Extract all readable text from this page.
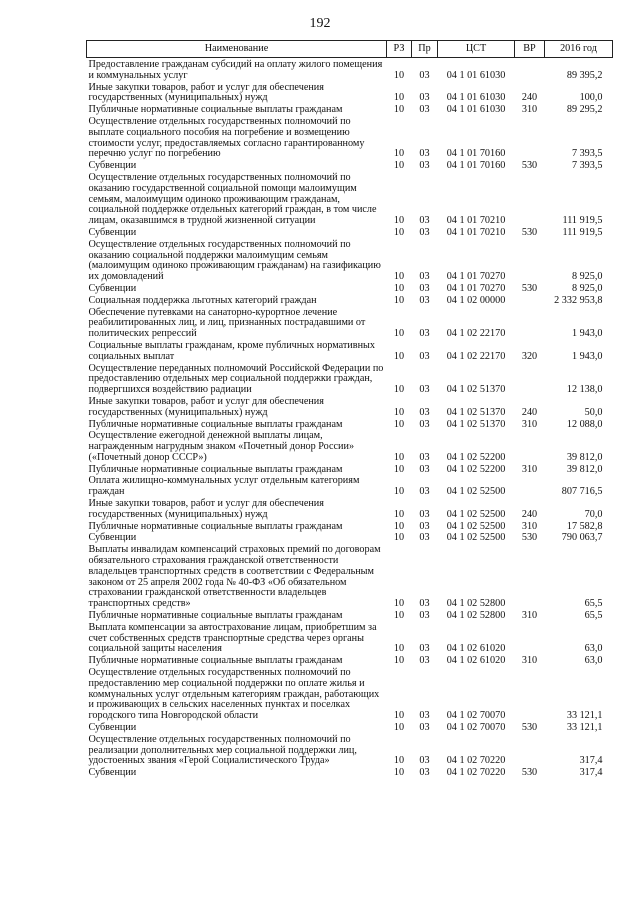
192
Наименование	РЗ	Пр	ЦСТ	ВР	2016 год
Предоставление гражданам субсидий на оплату жилого помещения и коммунальных услуг	10	03	04 1 01 61030		89 395,2
Иные закупки товаров, работ и услуг для обеспечения государственных (муниципальных) нужд	10	03	04 1 01 61030	240	100,0
Публичные нормативные социальные выплаты гражданам	10	03	04 1 01 61030	310	89 295,2
Осуществление отдельных государственных полномочий по выплате социального пособия на погребение и возмещению стоимости услуг, предоставляемых согласно гарантированному перечню услуг по погребению	10	03	04 1 01 70160		7 393,5
Субвенции	10	03	04 1 01 70160	530	7 393,5
Осуществление отдельных государственных полномочий по оказанию государственной социальной помощи малоимущим семьям, малоимущим одиноко проживающим гражданам, социальной поддержке отдельных категорий граждан, в том числе лицам, оказавшимся в трудной жизненной ситуации	10	03	04 1 01 70210		111 919,5
Субвенции	10	03	04 1 01 70210	530	111 919,5
Осуществление отдельных государственных полномочий по оказанию социальной поддержки малоимущим семьям (малоимущим одиноко проживающим гражданам) на газификацию их домовладений	10	03	04 1 01 70270		8 925,0
Субвенции	10	03	04 1 01 70270	530	8 925,0
Социальная поддержка льготных категорий граждан	10	03	04 1 02 00000		2 332 953,8
Обеспечение путевками на санаторно-курортное лечение реабилитированных лиц, и лиц, признанных пострадавшими от политических репрессий	10	03	04 1 02 22170		1 943,0
Социальные выплаты гражданам, кроме публичных нормативных социальных выплат	10	03	04 1 02 22170	320	1 943,0
Осуществление переданных полномочий Российской Федерации по предоставлению отдельных мер социальной поддержки граждан, подвергшихся воздействию радиации	10	03	04 1 02 51370		12 138,0
Иные закупки товаров, работ и услуг для обеспечения государственных (муниципальных) нужд	10	03	04 1 02 51370	240	50,0
Публичные нормативные социальные выплаты гражданам	10	03	04 1 02 51370	310	12 088,0
Осуществление ежегодной денежной выплаты лицам, награжденным нагрудным знаком «Почетный донор России» («Почетный донор СССР»)	10	03	04 1 02 52200		39 812,0
Публичные нормативные социальные выплаты гражданам	10	03	04 1 02 52200	310	39 812,0
Оплата жилищно-коммунальных услуг отдельным категориям граждан	10	03	04 1 02 52500		807 716,5
Иные закупки товаров, работ и услуг для обеспечения государственных (муниципальных) нужд	10	03	04 1 02 52500	240	70,0
Публичные нормативные социальные выплаты гражданам	10	03	04 1 02 52500	310	17 582,8
Субвенции	10	03	04 1 02 52500	530	790 063,7
Выплаты инвалидам компенсаций страховых премий по договорам обязательного страхования гражданской ответственности владельцев транспортных средств в соответствии с Федеральным законом от 25 апреля 2002 года № 40-ФЗ «Об обязательном страховании гражданской ответственности владельцев транспортных средств»	10	03	04 1 02 52800		65,5
Публичные нормативные социальные выплаты гражданам	10	03	04 1 02 52800	310	65,5
Выплата компенсации за автострахование лицам, приобретшим за счет собственных средств транспортные средства через органы социальной защиты населения	10	03	04 1 02 61020		63,0
Публичные нормативные социальные выплаты гражданам	10	03	04 1 02 61020	310	63,0
Осуществление отдельных государственных полномочий по предоставлению мер социальной поддержки по оплате жилья и коммунальных услуг отдельным категориям граждан, работающих и проживающих в сельских населенных пунктах и поселках городского типа Новгородской области	10	03	04 1 02 70070		33 121,1
Субвенции	10	03	04 1 02 70070	530	33 121,1
Осуществление отдельных государственных полномочий по реализации дополнительных мер социальной поддержки лиц, удостоенных звания «Герой Социалистического Труда»	10	03	04 1 02 70220		317,4
Субвенции	10	03	04 1 02 70220	530	317,4
